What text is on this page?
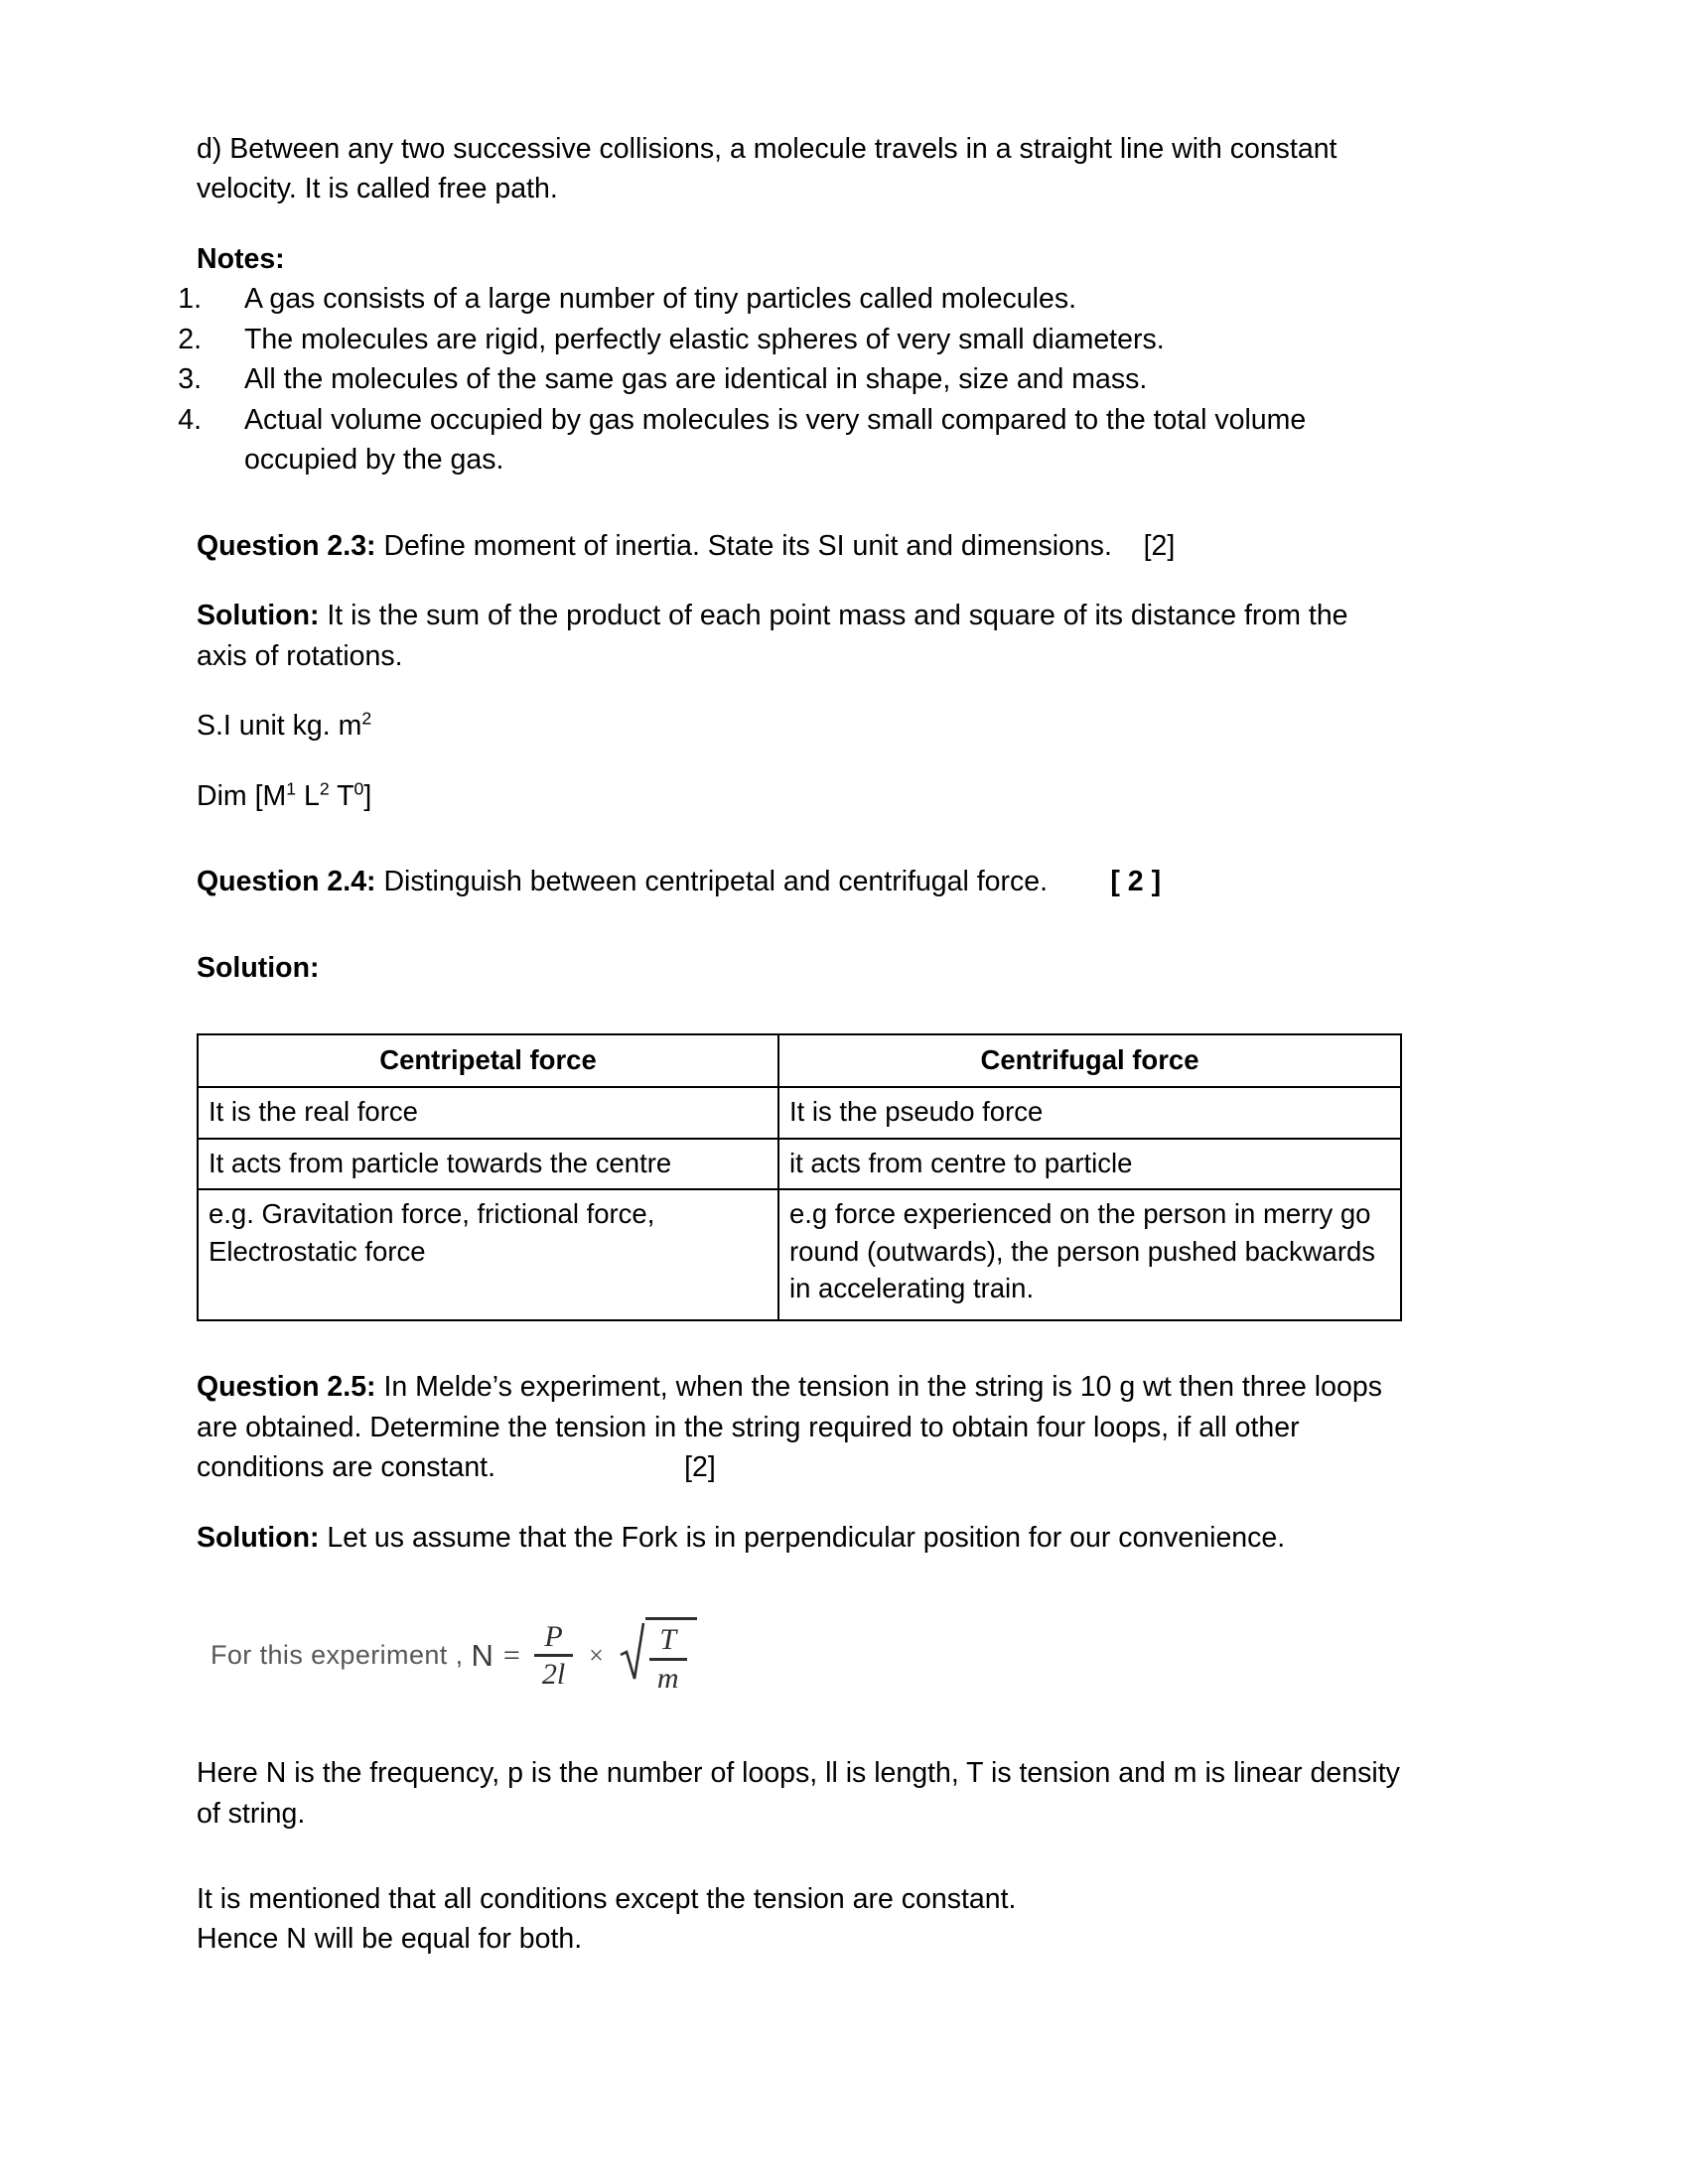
d) Between any two successive collisions, a molecule travels in a straight line with constant velocity. It is called free path.

Notes:
1. A gas consists of a large number of tiny particles called molecules.
2. The molecules are rigid, perfectly elastic spheres of very small diameters.
3. All the molecules of the same gas are identical in shape, size and mass.
4. Actual volume occupied by gas molecules is very small compared to the total volume occupied by the gas.

Question 2.3: Define moment of inertia. State its SI unit and dimensions. [2]

Solution: It is the sum of the product of each point mass and square of its distance from the axis of rotations.

S.I unit kg. $m^2$
Dim [$M^1$ $L^2$ $T^0$]

Question 2.4: Distinguish between centripetal and centrifugal force. [ 2 ]

Solution:

Centripetal force	Centrifugal force
It is the real force	It is the pseudo force
It acts from particle towards the centre	it acts from centre to particle
e.g. Gravitation force, frictional force, Electrostatic force	e.g force experienced on the person in merry go round (outwards), the person pushed backwards in accelerating train.

Question 2.5: In Melde’s experiment, when the tension in the string is 10 g wt then three loops are obtained. Determine the tension in the string required to obtain four loops, if all other conditions are constant.	[2]

Solution: Let us assume that the Fork is in perpendicular position for our convenience.

For this experiment , $N = \frac{P}{2l} \times \frac{T}{m}$

Here N is the frequency, p is the number of loops, ll is length, T is tension and m is linear density of string.

It is mentioned that all conditions except the tension are constant.
Hence N will be equal for both.
